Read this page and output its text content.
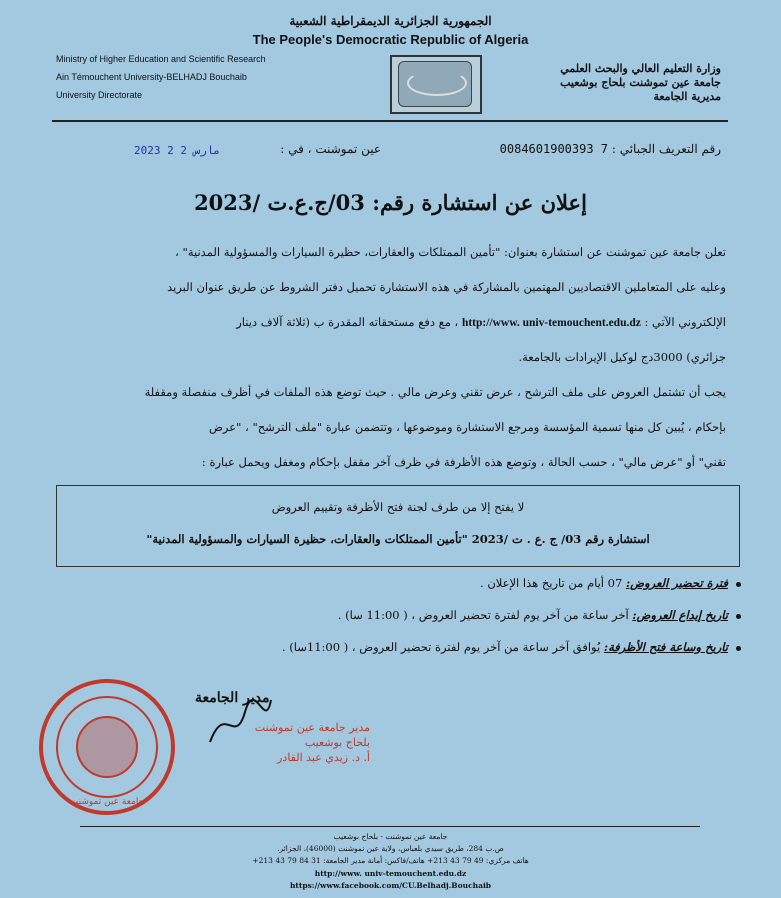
الجمهورية الجزائرية الديمقراطية الشعبية
The People's Democratic Republic of Algeria
Ministry of Higher Education and Scientific Research
Ain Témouchent University-BELHADJ Bouchaib
University Directorate
وزارة التعليم العالي والبحث العلمي
جامعة عين تموشنت بلحاج بوشعيب
مديرية الجامعة
رقم التعريف الجبائي : 0084601900393 7
عين تموشنت ، في :
2023 مارس 2 2
إعلان عن استشارة رقم: 03/ج.ع.ت /2023
تعلن جامعة عين تموشنت عن استشارة بعنوان: "تأمين الممتلكات والعقارات، حظيرة السيارات والمسؤولية المدنية" ،
وعليه على المتعاملين الاقتصاديين المهتمين بالمشاركة في هذه الاستشارة تحميل دفتر الشروط عن طريق عنوان البريد
الإلكتروني الآتي : http://www. univ-temouchent.edu.dz ، مع دفع مستحقاته المقدرة ب (ثلاثة آلاف دينار
جزائري) 3000دج لوكيل الإيرادات بالجامعة.
يجب أن تشتمل العروض على ملف الترشح ، عرض تقني وعرض مالي . حيث توضع هذه الملفات في أظرف منفصلة ومقفلة
بإحكام ، يُبين كل منها تسمية المؤسسة ومرجع الاستشارة وموضوعها ، وتتضمن عبارة "ملف الترشح" ، "عرض
تقني" أو "عرض مالي" ، حسب الحالة ، وتوضع هذه الأظرفة في ظرف آخر مقفل بإحكام ومغفل ويحمل عبارة :
لا يفتح إلا من طرف لجنة فتح الأظرفة وتقييم العروض
استشارة رقم 03/ ج .ع . ت /2023 "تأمين الممتلكات والعقارات، حظيرة السيارات والمسؤولية المدنية"
فترة تحضير العروض: 07 أيام من تاريخ هذا الإعلان .
تاريخ إيداع العروض: آخر ساعة من آخر يوم لفترة تحضير العروض ، ( 11:00 سا) .
تاريخ وساعة فتح الأظرفة: يُوافق آخر ساعة من آخر يوم لفترة تحضير العروض ، ( 11:00سا) .
جامعة عين تموشنت
مدير الجامعة
مدير جامعة عين تموشنت
بلحاج بوشعيب
أ. د. زيدي عبد القادر
جامعة عين تموشنت - بلحاج بوشعيب
ص.ب 284، طريق سيدي بلعباس، ولاية عين تموشنت (46000)، الجزائر.
هاتف مركزي: 49 79 43 213+ هاتف/فاكس: أمانة مدير الجامعة: 31 84 79 43 213+
http://www. univ-temouchent.edu.dz
https://www.facebook.com/CU.Belhadj.Bouchaib
